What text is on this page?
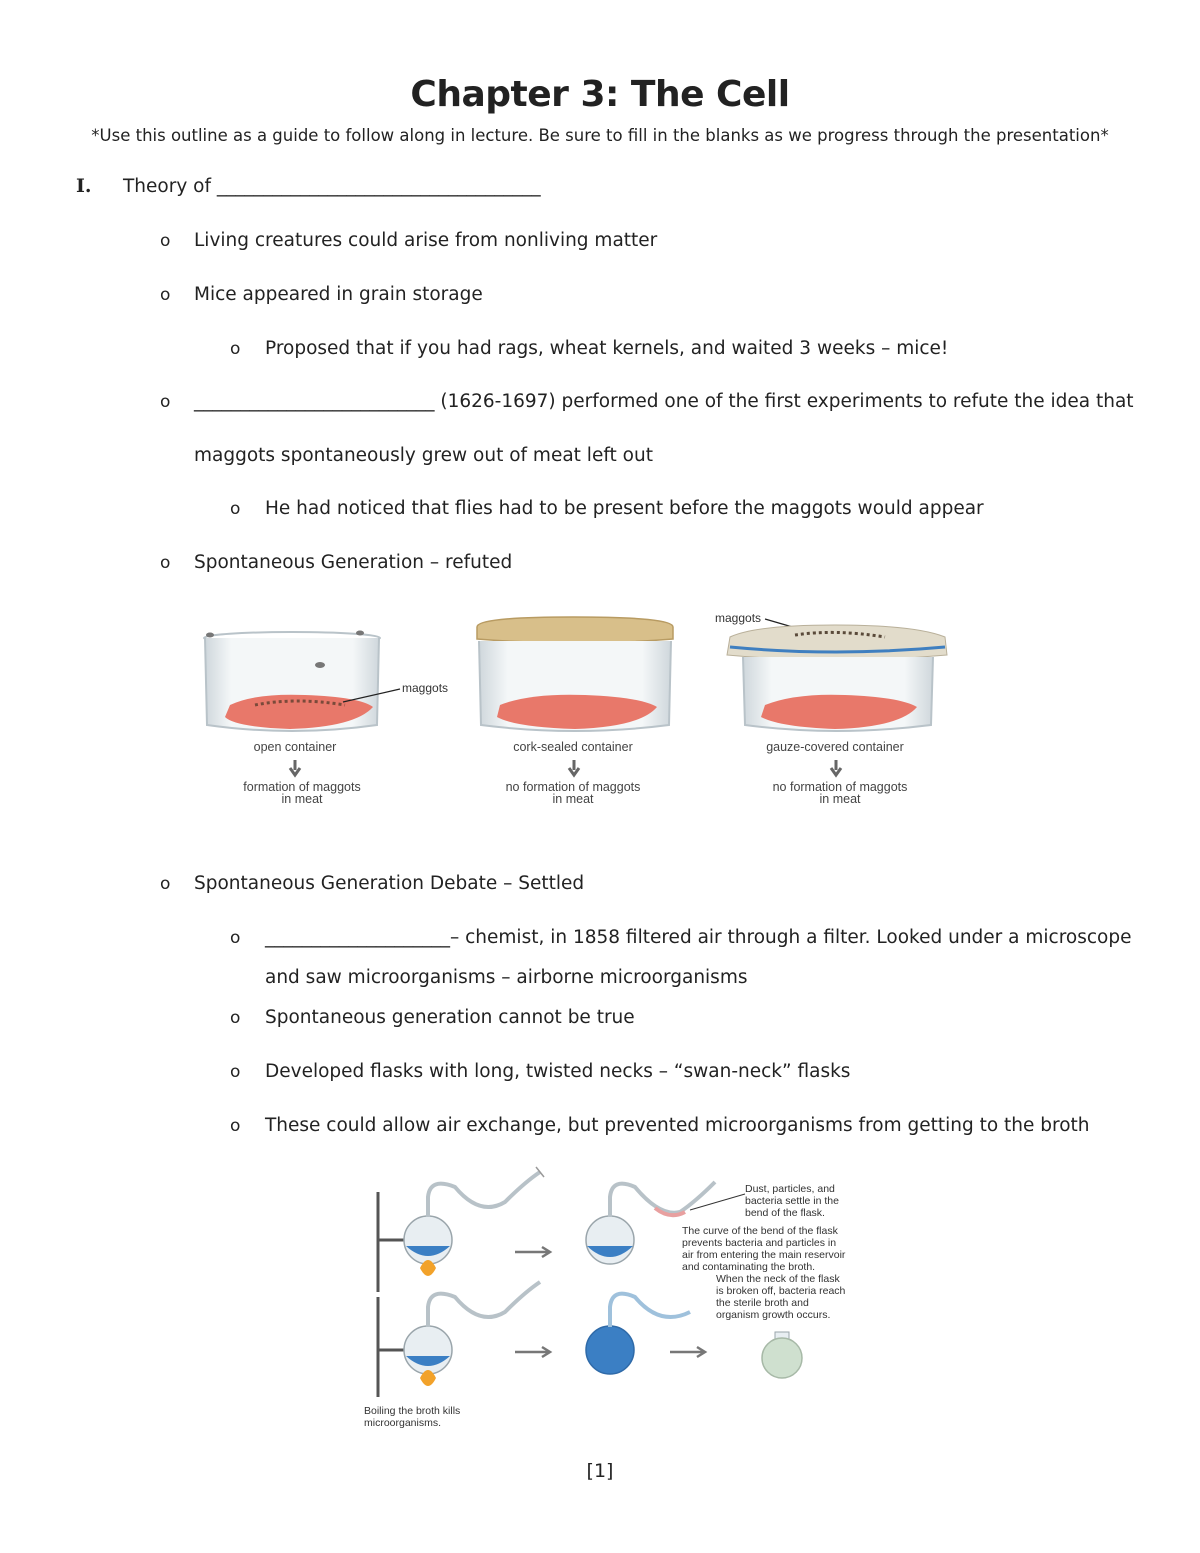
Chapter 3: The Cell
*Use this outline as a guide to follow along in lecture. Be sure to fill in the blanks as we progress through the presentation*
I. Theory of ___________________________________
o Living creatures could arise from nonliving matter
o Mice appeared in grain storage
o Proposed that if you had rags, wheat kernels, and waited 3 weeks – mice!
o __________________________ (1626-1697) performed one of the first experiments to refute the idea that
maggots spontaneously grew out of meat left out
o He had noticed that flies had to be present before the maggots would appear
o Spontaneous Generation – refuted
maggots
open container
formation of maggots
in meat
cork-sealed container
no formation of maggots
in meat
maggots
gauze-covered container
no formation of maggots
in meat
o Spontaneous Generation Debate – Settled
o ____________________– chemist, in 1858 filtered air through a filter. Looked under a microscope
and saw microorganisms – airborne microorganisms
o Spontaneous generation cannot be true
o Developed flasks with long, twisted necks – “swan-neck” flasks
o These could allow air exchange, but prevented microorganisms from getting to the broth
Dust, particles, and
bacteria settle in the
bend of the flask.
The curve of the bend of the flask
prevents bacteria and particles in
air from entering the main reservoir
and contaminating the broth.
When the neck of the flask
is broken off, bacteria reach
the sterile broth and
organism growth occurs.
Boiling the broth kills
microorganisms.
[1]
